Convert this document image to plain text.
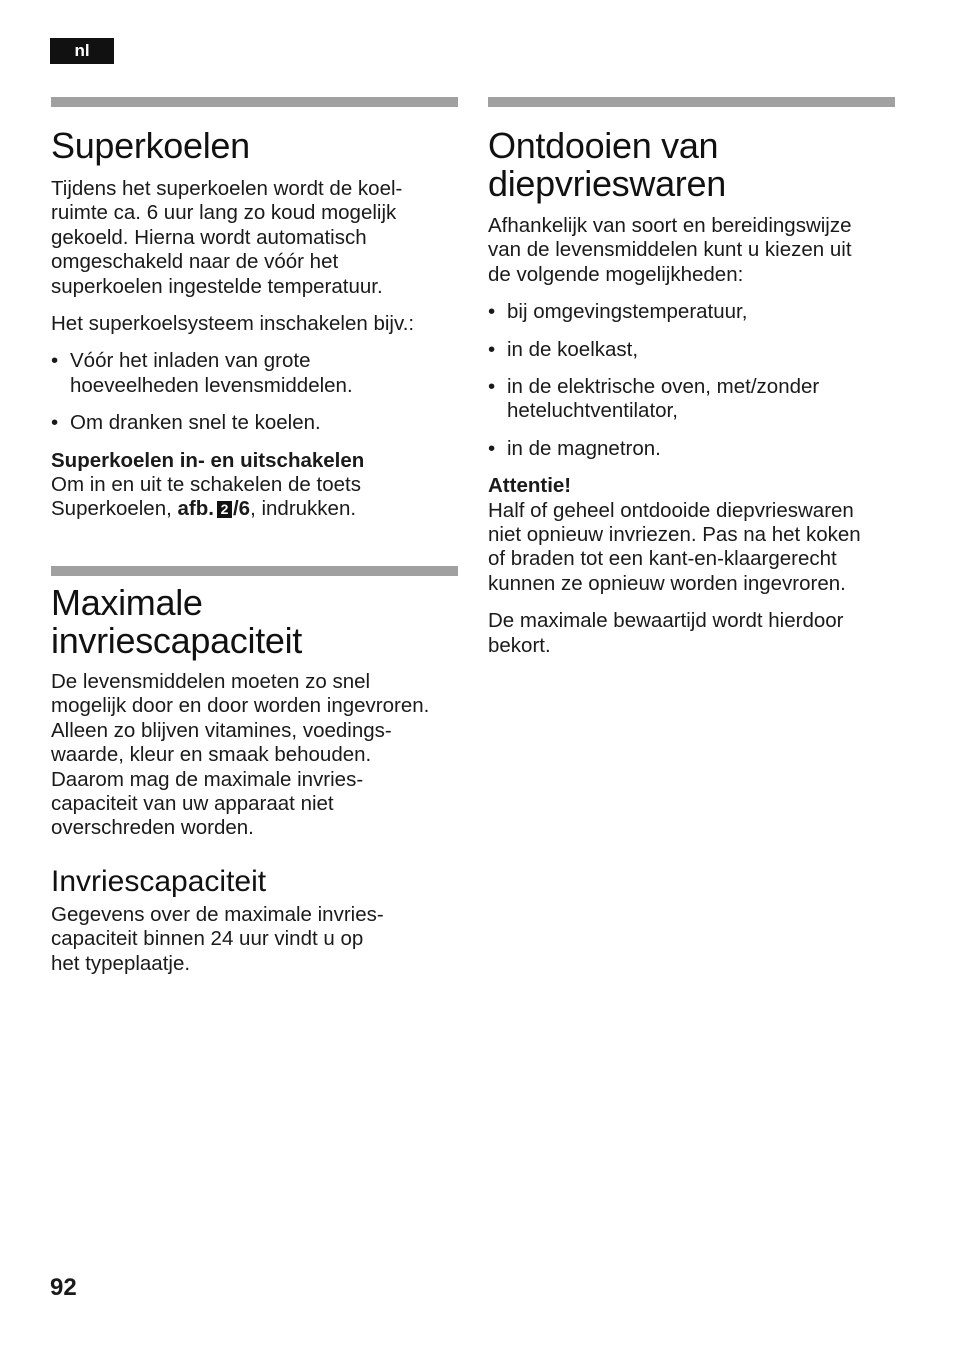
nl
Superkoelen

Tijdens het superkoelen wordt de koel-
ruimte ca. 6 uur lang zo koud mogelijk
gekoeld. Hierna wordt automatisch
omgeschakeld naar de vóór het
superkoelen ingestelde temperatuur.

Het superkoelsysteem inschakelen bijv.:

• Vóór het inladen van grote
hoeveelheden levensmiddelen.
• Om dranken snel te koelen.

Superkoelen in- en uitschakelen

Om in en uit te schakelen de toets
Superkoelen, afb. 2 /6, indrukken.

Maximale
invriescapaciteit

De levensmiddelen moeten zo snel
mogelijk door en door worden ingevroren.
Alleen zo blijven vitamines, voedings-
waarde, kleur en smaak behouden.
Daarom mag de maximale invries-
capaciteit van uw apparaat niet
overschreden worden.

Invriescapaciteit

Gegevens over de maximale invries-
capaciteit binnen 24 uur vindt u op
het typeplaatje.

Ontdooien van
diepvrieswaren

Afhankelijk van soort en bereidingswijze
van de levensmiddelen kunt u kiezen uit
de volgende mogelijkheden:

• bij omgevingstemperatuur,
• in de koelkast,
• in de elektrische oven, met/zonder
heteluchtventilator,
• in de magnetron.

Attentie!

Half of geheel ontdooide diepvrieswaren
niet opnieuw invriezen. Pas na het koken
of braden tot een kant-en-klaargerecht
kunnen ze opnieuw worden ingevroren.

De maximale bewaartijd wordt hierdoor
bekort.

92
